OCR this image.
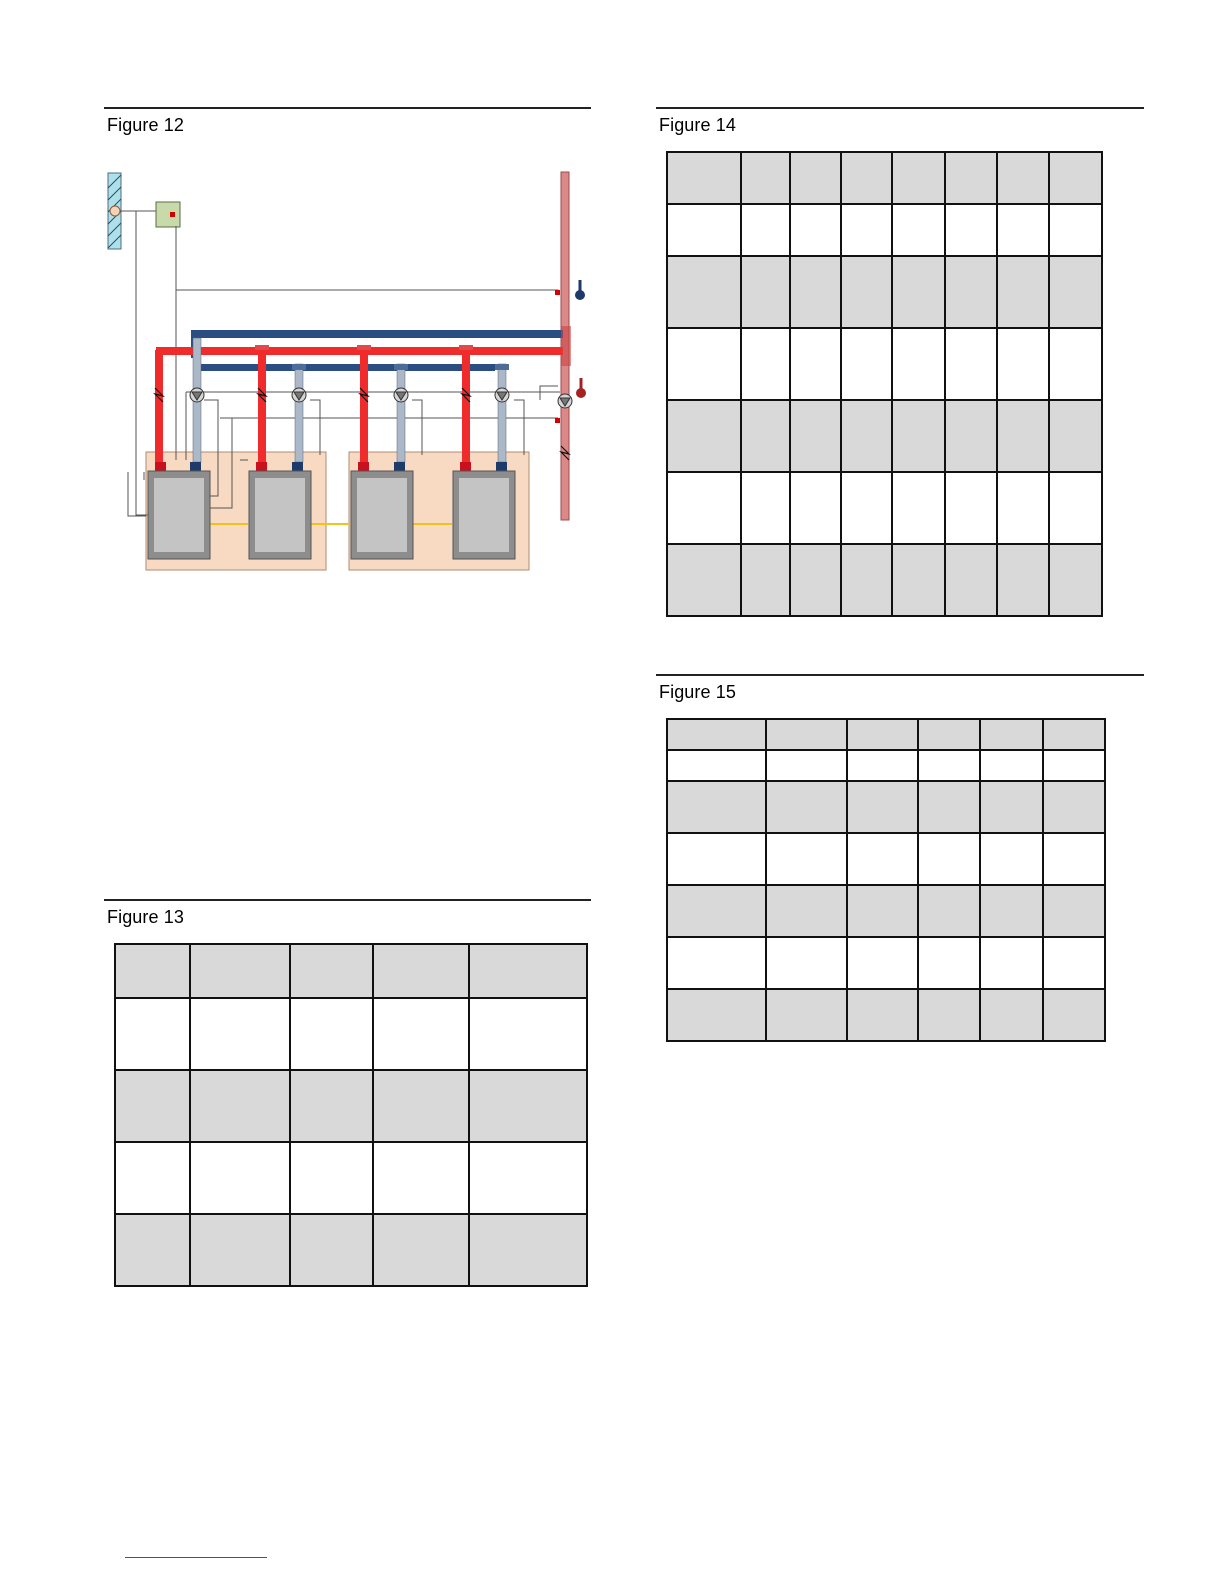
Figure 12
Figure 13

Figure 14

Figure 15
